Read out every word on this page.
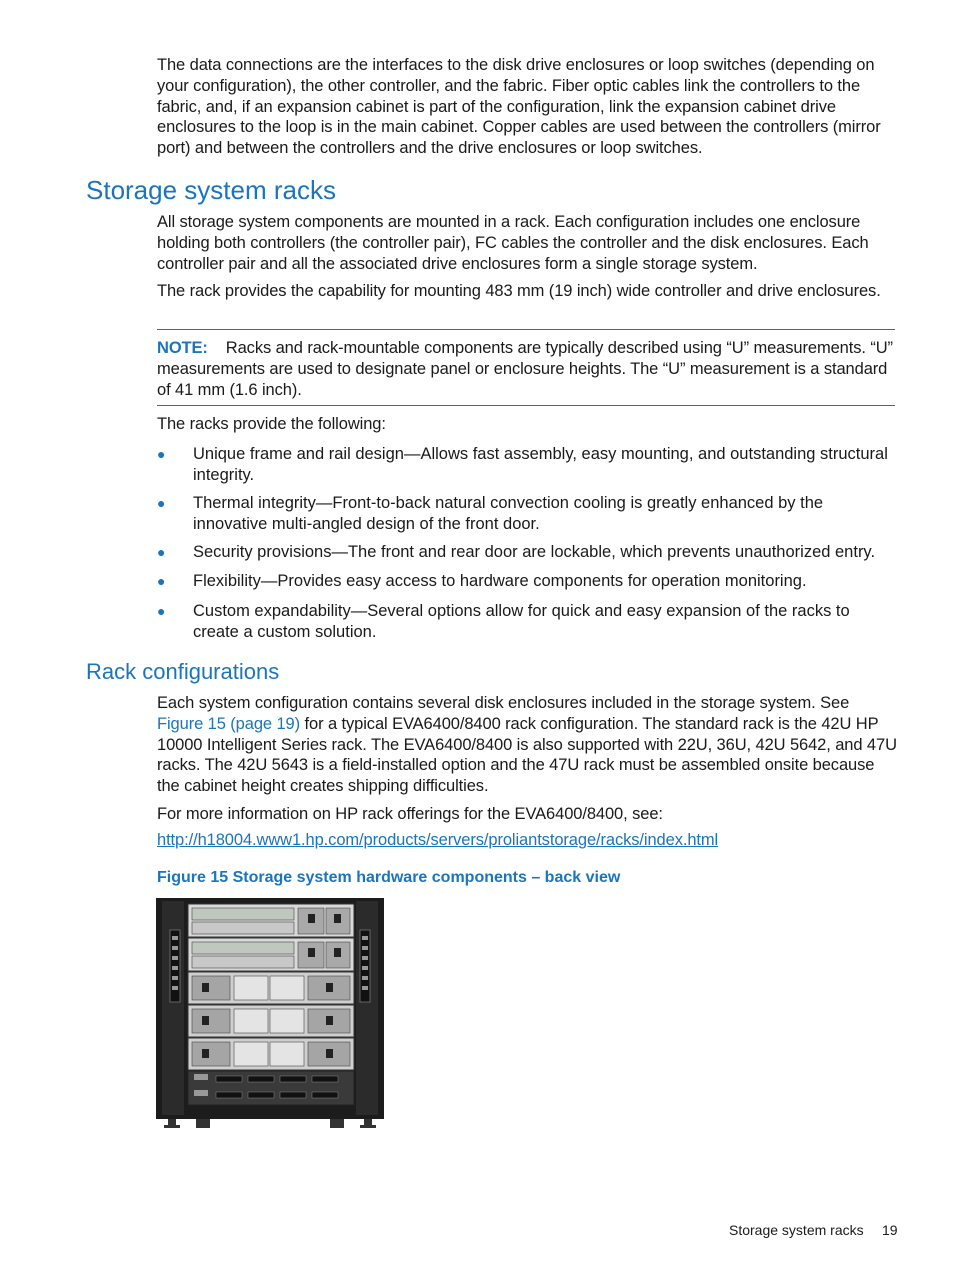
The data connections are the interfaces to the disk drive enclosures or loop switches (depending on your configuration), the other controller, and the fabric. Fiber optic cables link the controllers to the fabric, and, if an expansion cabinet is part of the configuration, link the expansion cabinet drive enclosures to the loop is in the main cabinet. Copper cables are used between the controllers (mirror port) and between the controllers and the drive enclosures or loop switches.

Storage system racks

All storage system components are mounted in a rack. Each configuration includes one enclosure holding both controllers (the controller pair), FC cables the controller and the disk enclosures. Each controller pair and all the associated drive enclosures form a single storage system.

The rack provides the capability for mounting 483 mm (19 inch) wide controller and drive enclosures.

NOTE: Racks and rack-mountable components are typically described using “U” measurements. “U” measurements are used to designate panel or enclosure heights. The “U” measurement is a standard of 41 mm (1.6 inch).

The racks provide the following:

● Unique frame and rail design—Allows fast assembly, easy mounting, and outstanding structural integrity.
● Thermal integrity—Front-to-back natural convection cooling is greatly enhanced by the innovative multi-angled design of the front door.
● Security provisions—The front and rear door are lockable, which prevents unauthorized entry.
● Flexibility—Provides easy access to hardware components for operation monitoring.
● Custom expandability—Several options allow for quick and easy expansion of the racks to create a custom solution.
Rack configurations

Each system configuration contains several disk enclosures included in the storage system. See Figure 15 (page 19) for a typical EVA6400/8400 rack configuration. The standard rack is the 42U HP 10000 Intelligent Series rack. The EVA6400/8400 is also supported with 22U, 36U, 42U 5642, and 47U racks. The 42U 5643 is a field-installed option and the 47U rack must be assembled onsite because the cabinet height creates shipping difficulties.

For more information on HP rack offerings for the EVA6400/8400, see:

http://h18004.www1.hp.com/products/servers/proliantstorage/racks/index.html

Figure 15 Storage system hardware components – back view

Storage system racks 19
